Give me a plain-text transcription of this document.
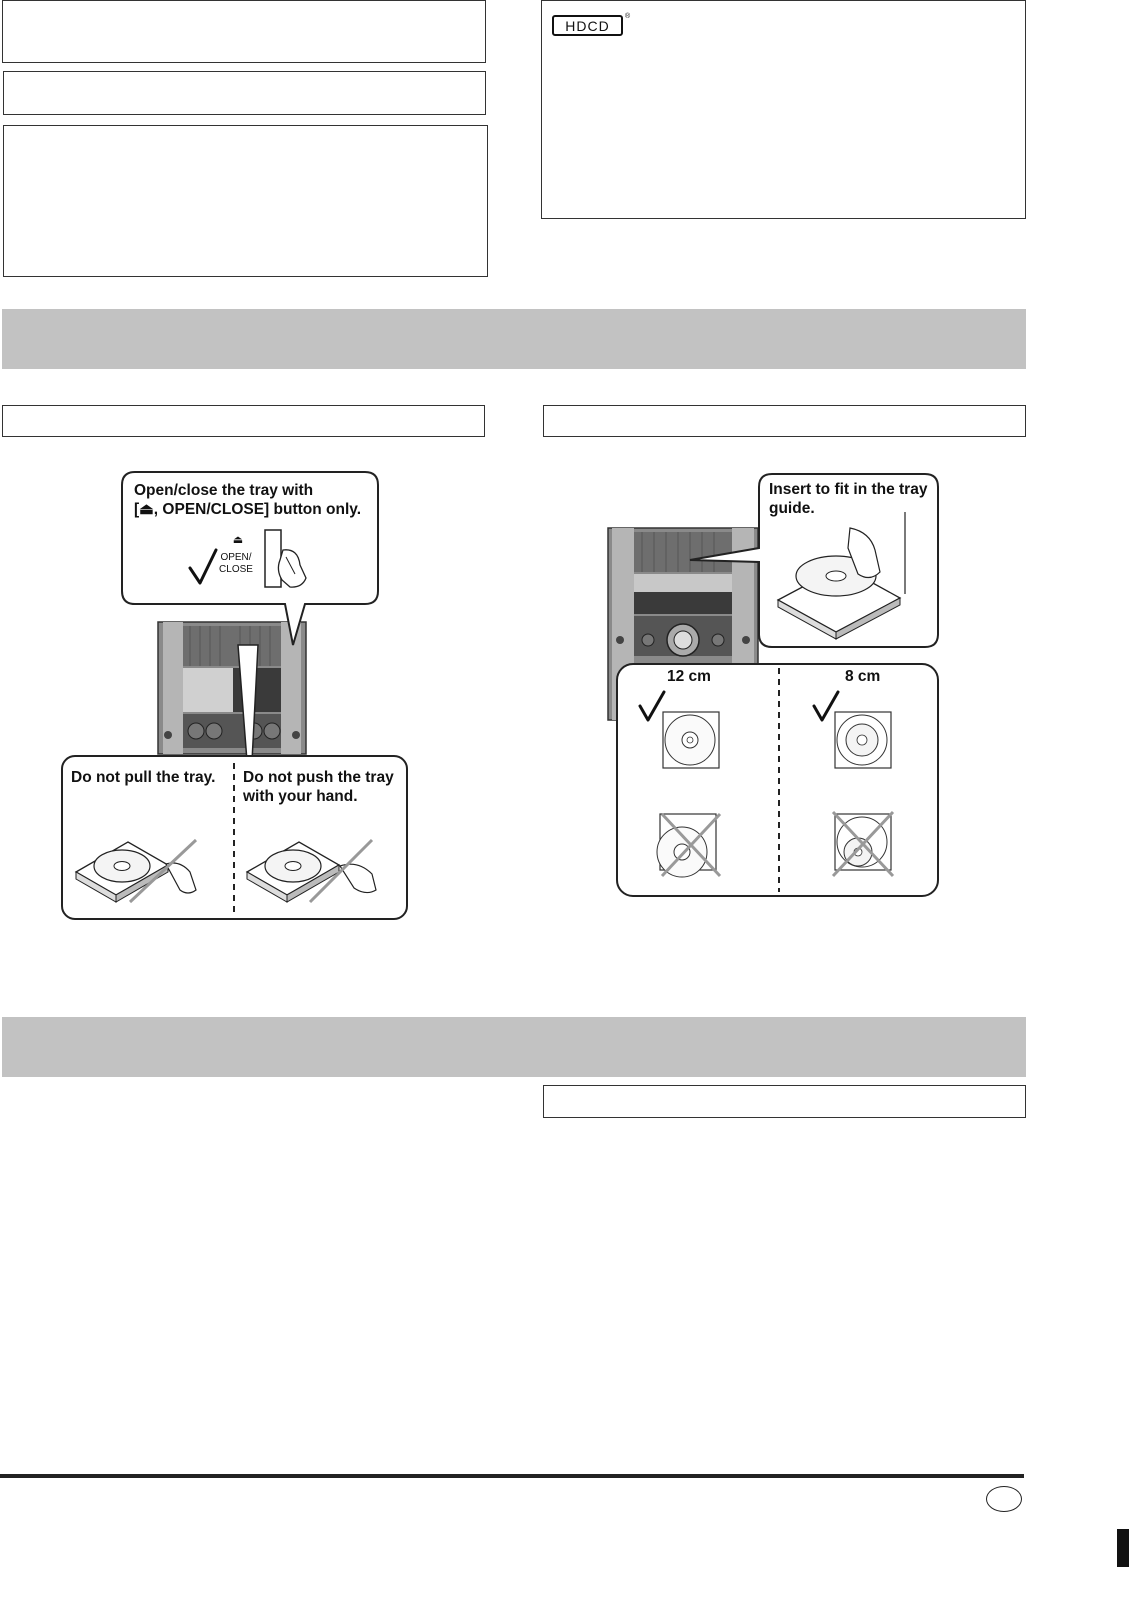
HDCD
®
Open/close the tray with
[⏏, OPEN/CLOSE] button only.
⏏
OPEN/
CLOSE
Do not pull the tray. Do not push the tray
with your hand.
Insert to fit in the tray
guide.
12 cm	8 cm
